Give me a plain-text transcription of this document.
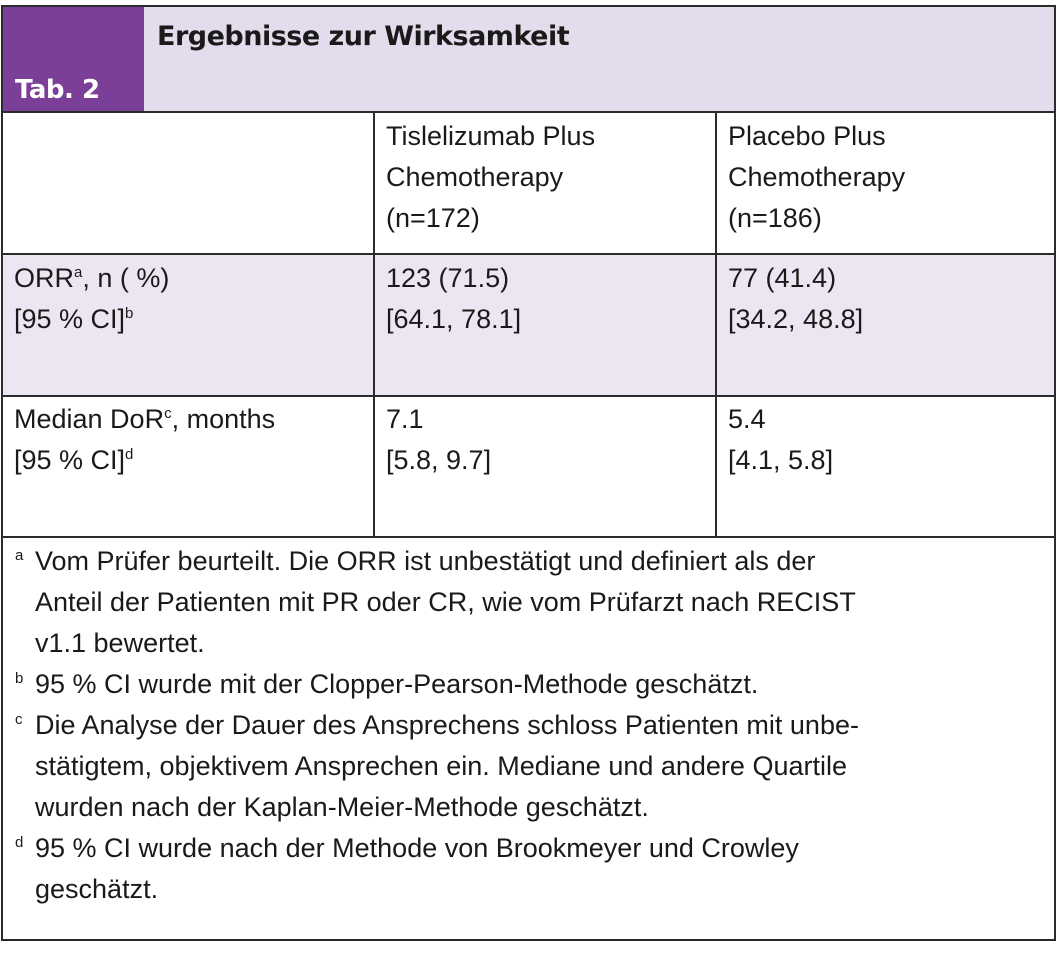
Tab. 2
Ergebnisse zur Wirksamkeit
Tislelizumab Plus
Chemotherapy
(n=172)
Placebo Plus
Chemotherapy
(n=186)
ORR$^a$, n ( %)
[95 % CI]$^b$
123 (71.5)
[64.1, 78.1]
77 (41.4)
[34.2, 48.8]
Median DoR$^c$, months
[95 % CI]$^d$
7.1
[5.8, 9.7]
5.4
[4.1, 5.8]
a Vom Prüfer beurteilt. Die ORR ist unbestätigt und definiert als der
Anteil der Patienten mit PR oder CR, wie vom Prüfarzt nach RECIST
v1.1 bewertet.
b 95 % CI wurde mit der Clopper-Pearson-Methode geschätzt.
c Die Analyse der Dauer des Ansprechens schloss Patienten mit unbe-
stätigtem, objektivem Ansprechen ein. Mediane und andere Quartile
wurden nach der Kaplan-Meier-Methode geschätzt.
d 95 % CI wurde nach der Methode von Brookmeyer und Crowley
geschätzt.
